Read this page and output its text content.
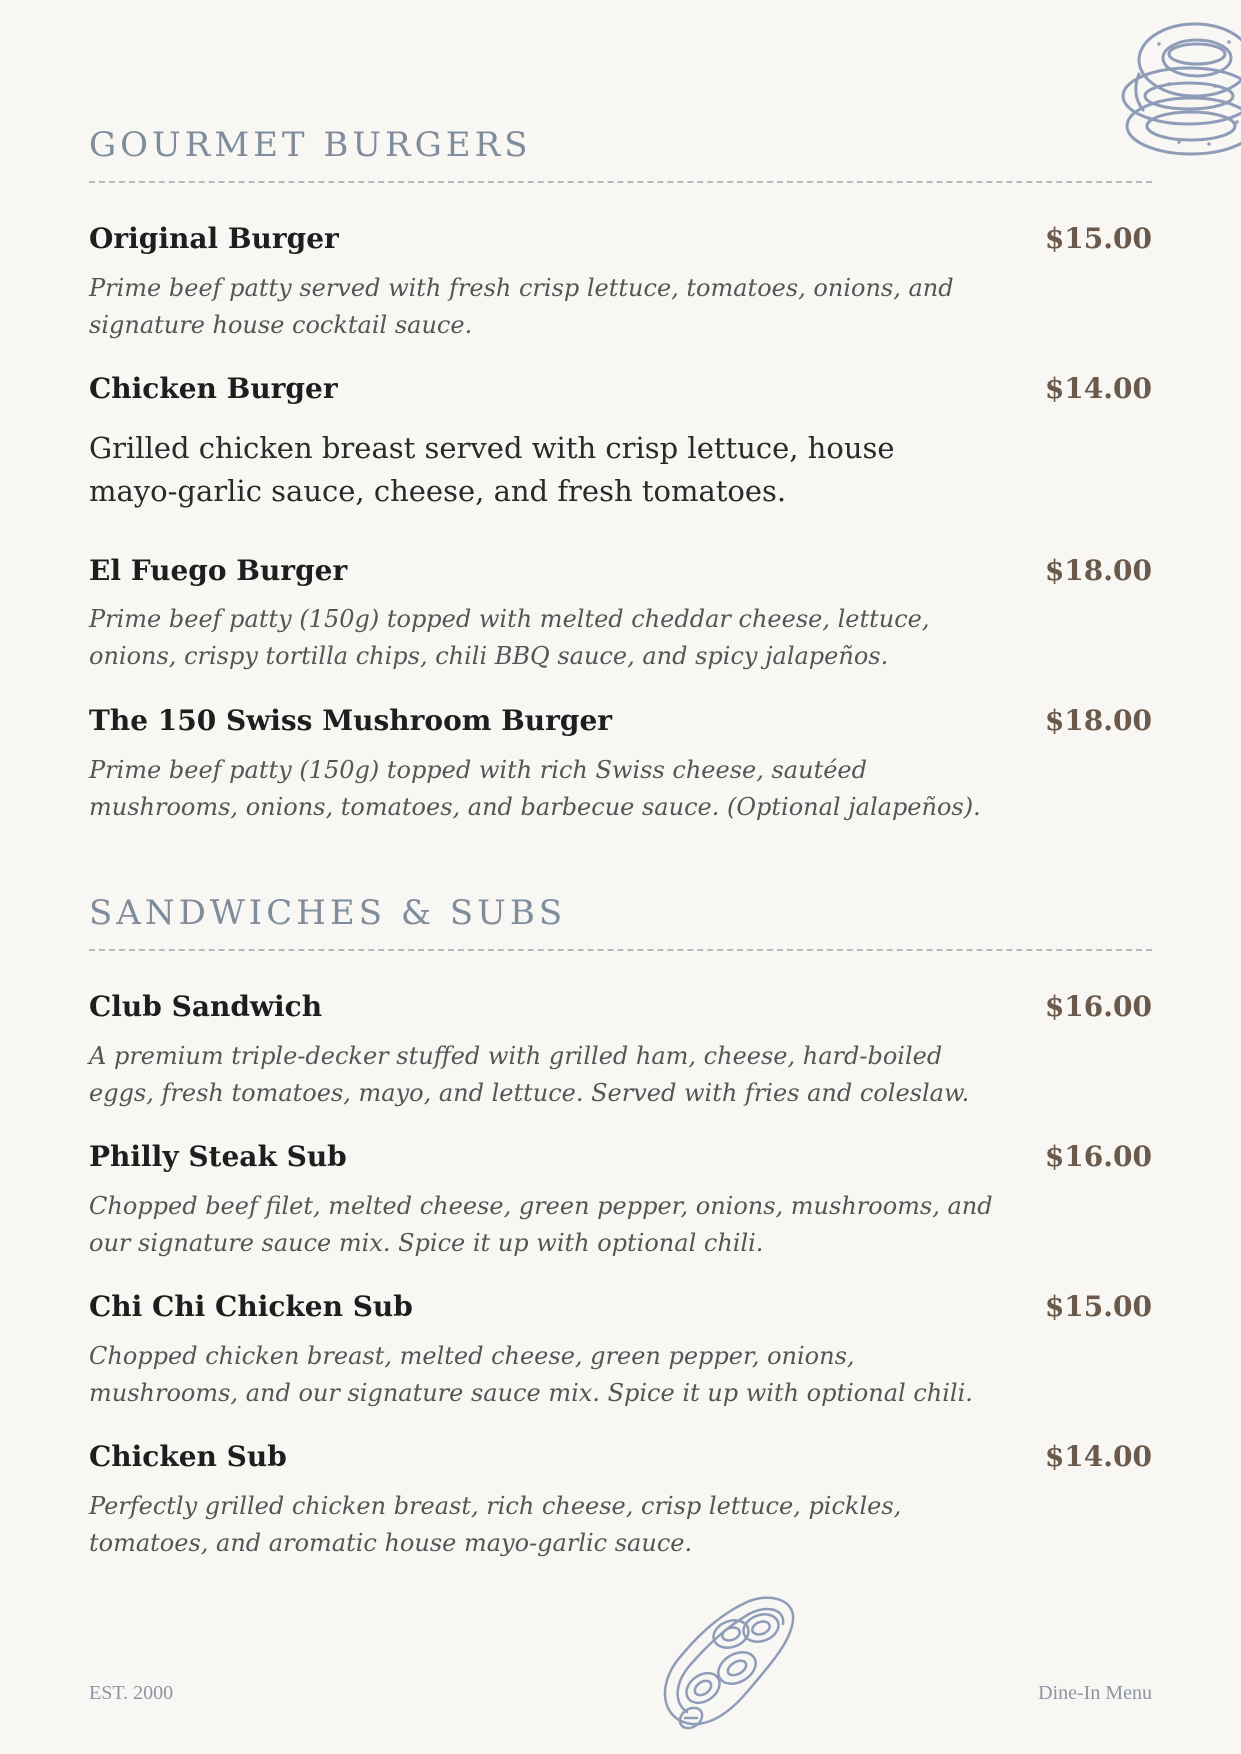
GOURMET BURGERS
Original Burger	$15.00
Prime beef patty served with fresh crisp lettuce, tomatoes, onions, and signature house cocktail sauce.
Chicken Burger	$14.00
Grilled chicken breast served with crisp lettuce, house mayo-garlic sauce, cheese, and fresh tomatoes.
El Fuego Burger	$18.00
Prime beef patty (150g) topped with melted cheddar cheese, lettuce, onions, crispy tortilla chips, chili BBQ sauce, and spicy jalapeños.
The 150 Swiss Mushroom Burger	$18.00
Prime beef patty (150g) topped with rich Swiss cheese, sautéed mushrooms, onions, tomatoes, and barbecue sauce. (Optional jalapeños).
SANDWICHES & SUBS
Club Sandwich	$16.00
A premium triple-decker stuffed with grilled ham, cheese, hard-boiled eggs, fresh tomatoes, mayo, and lettuce. Served with fries and coleslaw.
Philly Steak Sub	$16.00
Chopped beef filet, melted cheese, green pepper, onions, mushrooms, and our signature sauce mix. Spice it up with optional chili.
Chi Chi Chicken Sub	$15.00
Chopped chicken breast, melted cheese, green pepper, onions, mushrooms, and our signature sauce mix. Spice it up with optional chili.
Chicken Sub	$14.00
Perfectly grilled chicken breast, rich cheese, crisp lettuce, pickles, tomatoes, and aromatic house mayo-garlic sauce.
EST. 2000	Dine-In Menu
